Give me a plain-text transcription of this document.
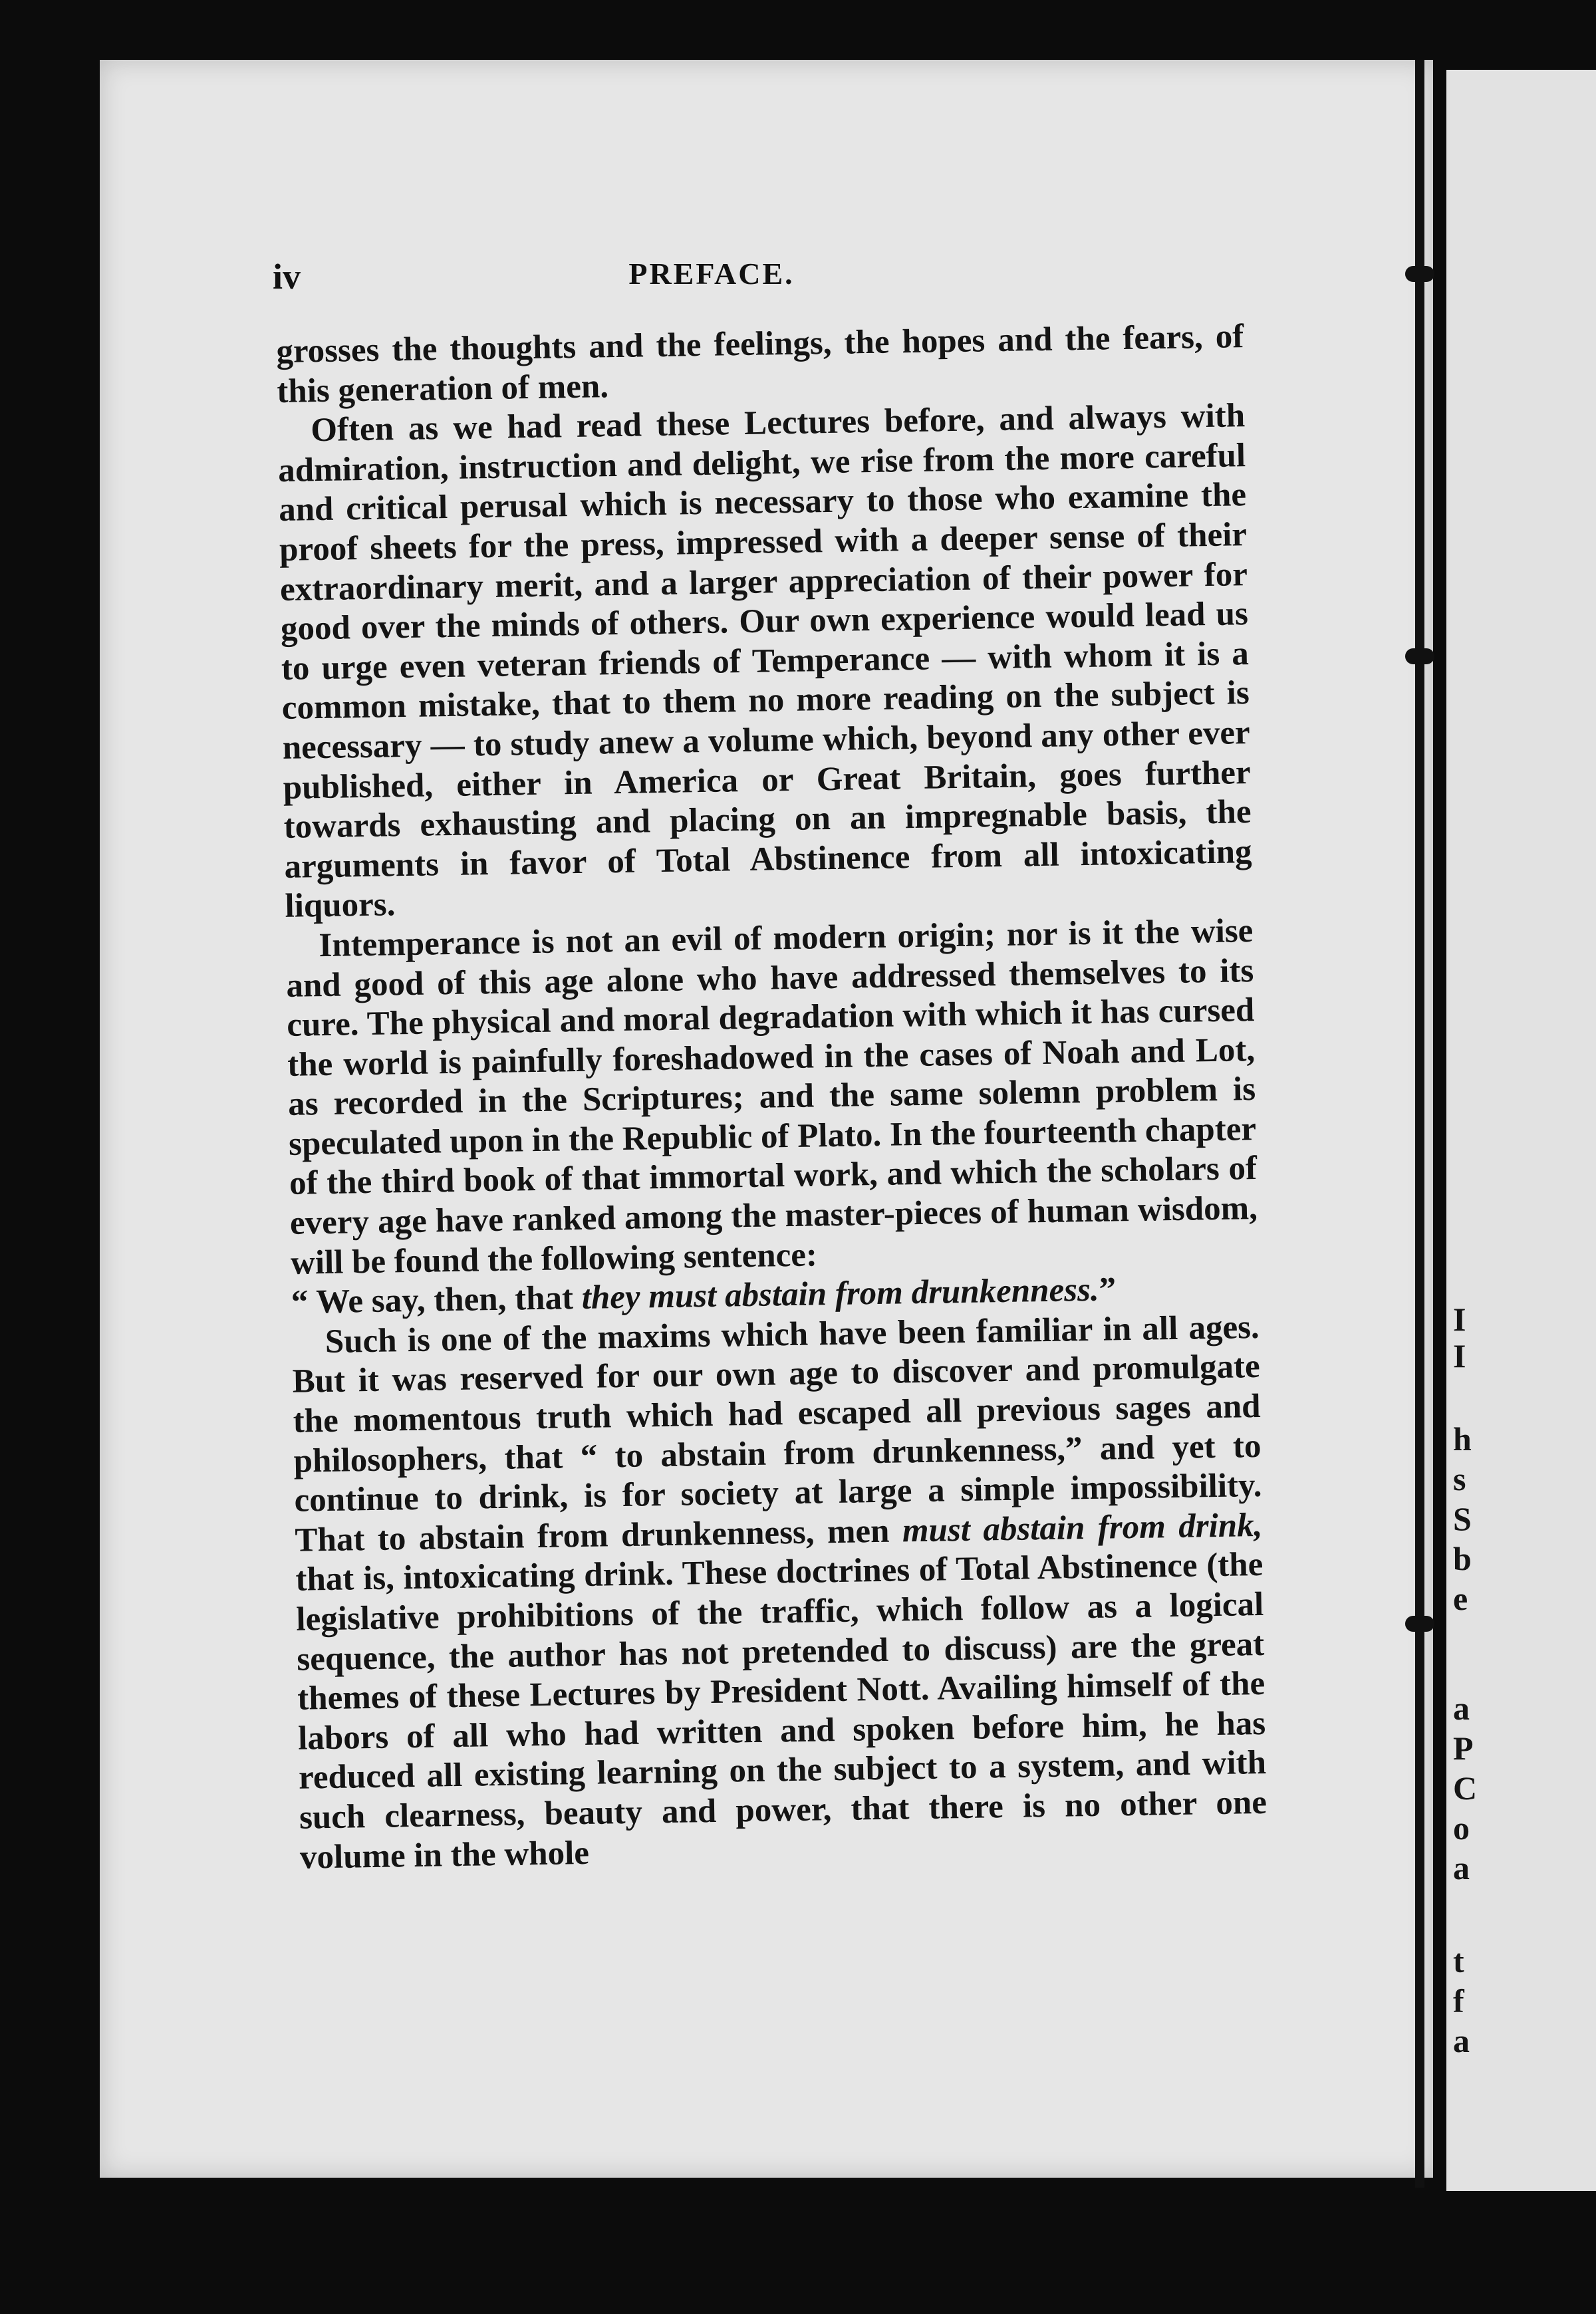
I
I
h
s
S
b
e
a
P
C
o
a
t
f
a
iv	PREFACE.

grosses the thoughts and the feelings, the hopes and the fears, of this generation of men.

Often as we had read these Lectures before, and always with admiration, instruction and delight, we rise from the more careful and critical perusal which is necessary to those who examine the proof sheets for the press, impressed with a deeper sense of their extraordinary merit, and a larger appreciation of their power for good over the minds of others. Our own experience would lead us to urge even veteran friends of Temperance — with whom it is a common mistake, that to them no more reading on the subject is necessary — to study anew a volume which, beyond any other ever published, either in America or Great Britain, goes further towards exhausting and placing on an impregnable basis, the arguments in favor of Total Abstinence from all intoxicating liquors.

Intemperance is not an evil of modern origin; nor is it the wise and good of this age alone who have addressed themselves to its cure. The physical and moral degradation with which it has cursed the world is painfully foreshadowed in the cases of Noah and Lot, as recorded in the Scriptures; and the same solemn problem is speculated upon in the Republic of Plato. In the fourteenth chapter of the third book of that immortal work, and which the scholars of every age have ranked among the master-pieces of human wisdom, will be found the following sentence:

“ We say, then, that they must abstain from drunkenness.”

Such is one of the maxims which have been familiar in all ages. But it was reserved for our own age to discover and promulgate the momentous truth which had escaped all previous sages and philosophers, that “ to abstain from drunkenness,” and yet to continue to drink, is for society at large a simple impossibility. That to abstain from drunkenness, men must abstain from drink, that is, intoxicating drink. These doctrines of Total Abstinence (the legislative prohibitions of the traffic, which follow as a logical sequence, the author has not pretended to discuss) are the great themes of these Lectures by President Nott. Availing himself of the labors of all who had written and spoken before him, he has reduced all existing learning on the subject to a system, and with such clearness, beauty and power, that there is no other one volume in the whole
